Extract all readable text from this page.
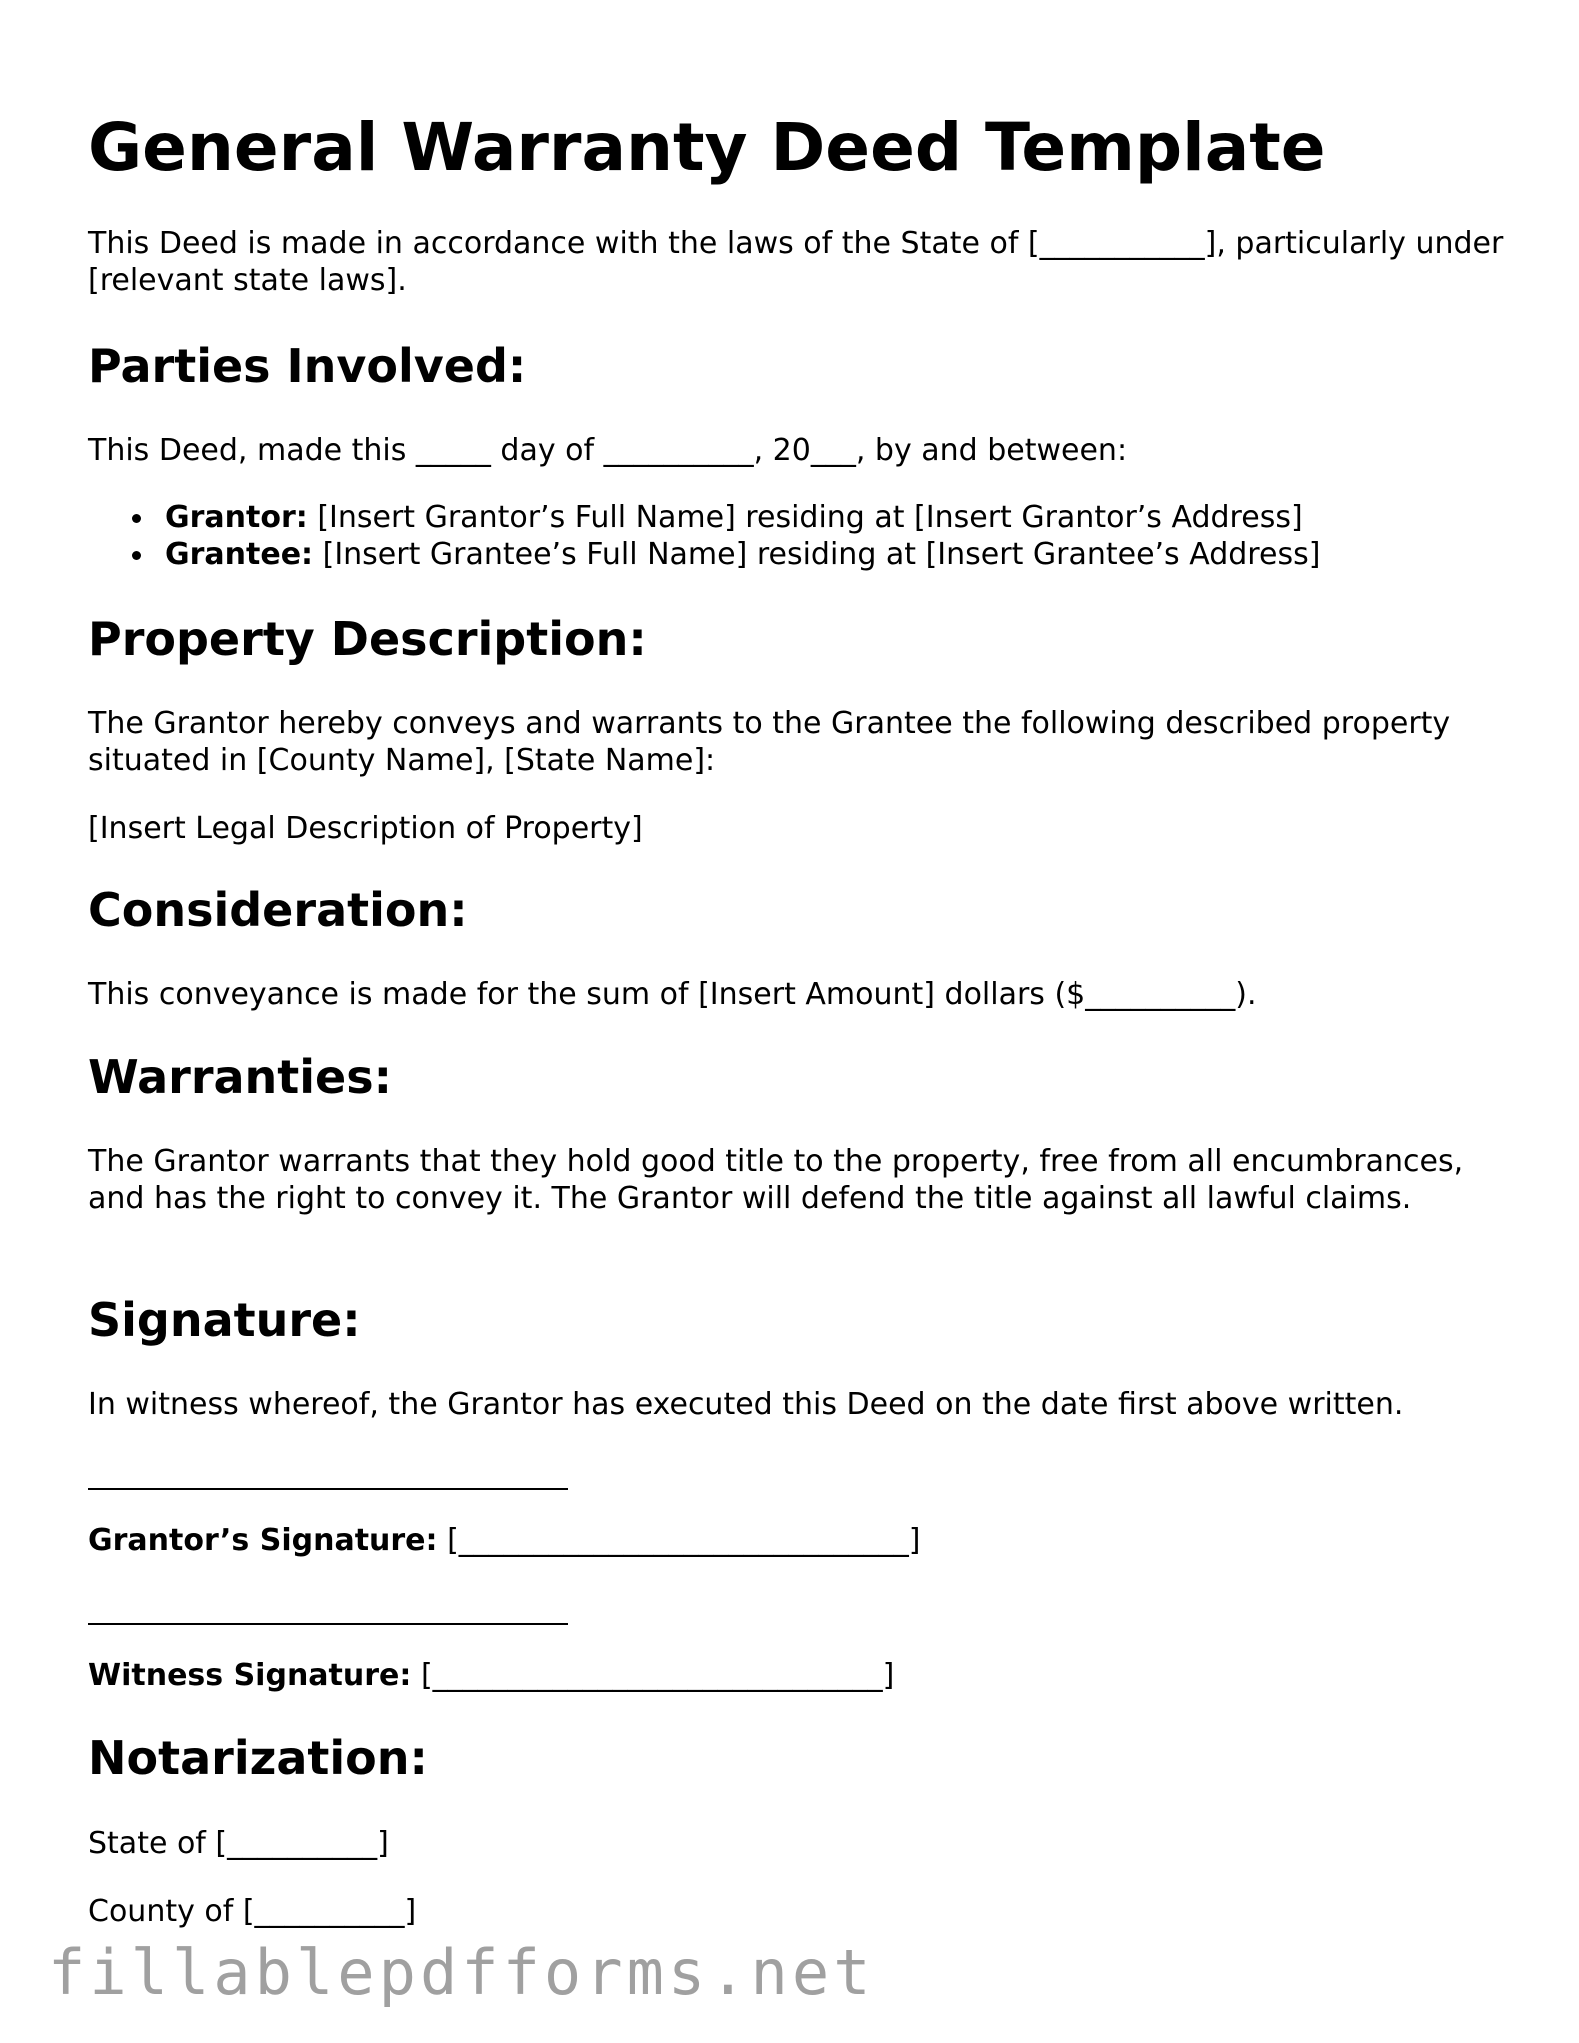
General Warranty Deed Template

This Deed is made in accordance with the laws of the State of [___________], particularly under [relevant state laws].

Parties Involved:

This Deed, made this _____ day of __________, 20___, by and between:

Grantor: [Insert Grantor’s Full Name] residing at [Insert Grantor’s Address]
Grantee: [Insert Grantee’s Full Name] residing at [Insert Grantee’s Address]
Property Description:

The Grantor hereby conveys and warrants to the Grantee the following described property situated in [County Name], [State Name]:

[Insert Legal Description of Property]

Consideration:

This conveyance is made for the sum of [Insert Amount] dollars ($__________).

Warranties:

The Grantor warrants that they hold good title to the property, free from all encumbrances, and has the right to convey it. The Grantor will defend the title against all lawful claims.

Signature:

In witness whereof, the Grantor has executed this Deed on the date first above written.

Grantor’s Signature: [______________________________]

Witness Signature: [______________________________]

Notarization:

State of [__________]

County of [__________]

fillablepdfforms.net
